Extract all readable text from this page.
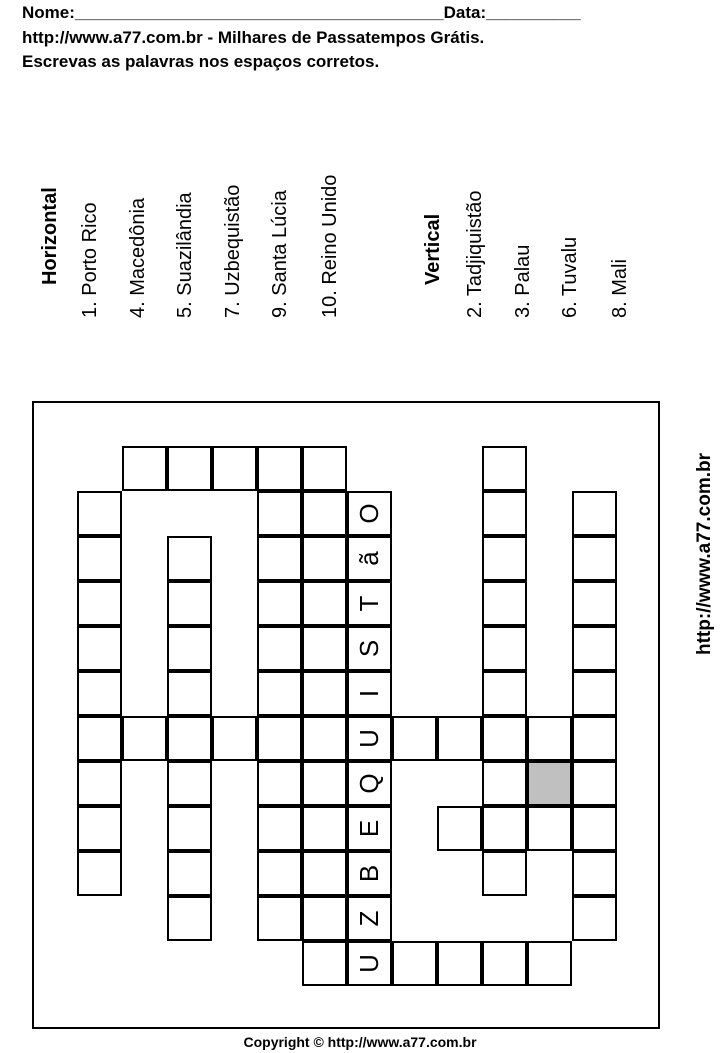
Nome:_______________________________________Data:__________
http://www.a77.com.br - Milhares de Passatempos Grátis.
Escrevas as palavras nos espaços corretos.
Horizontal 1. Porto Rico	4. Macedônia	5. Suazilândia	7. Uzbequistão	9. Santa Lúcia	10. Reino Unido	Vertical	2. Tadjiquistão	3. Palau	6. Tuvalu	8. Mali
O
ã
T
S
I
U
Q
E
B
Z
U
http://www.a77.com.br
Copyright © http://www.a77.com.br
